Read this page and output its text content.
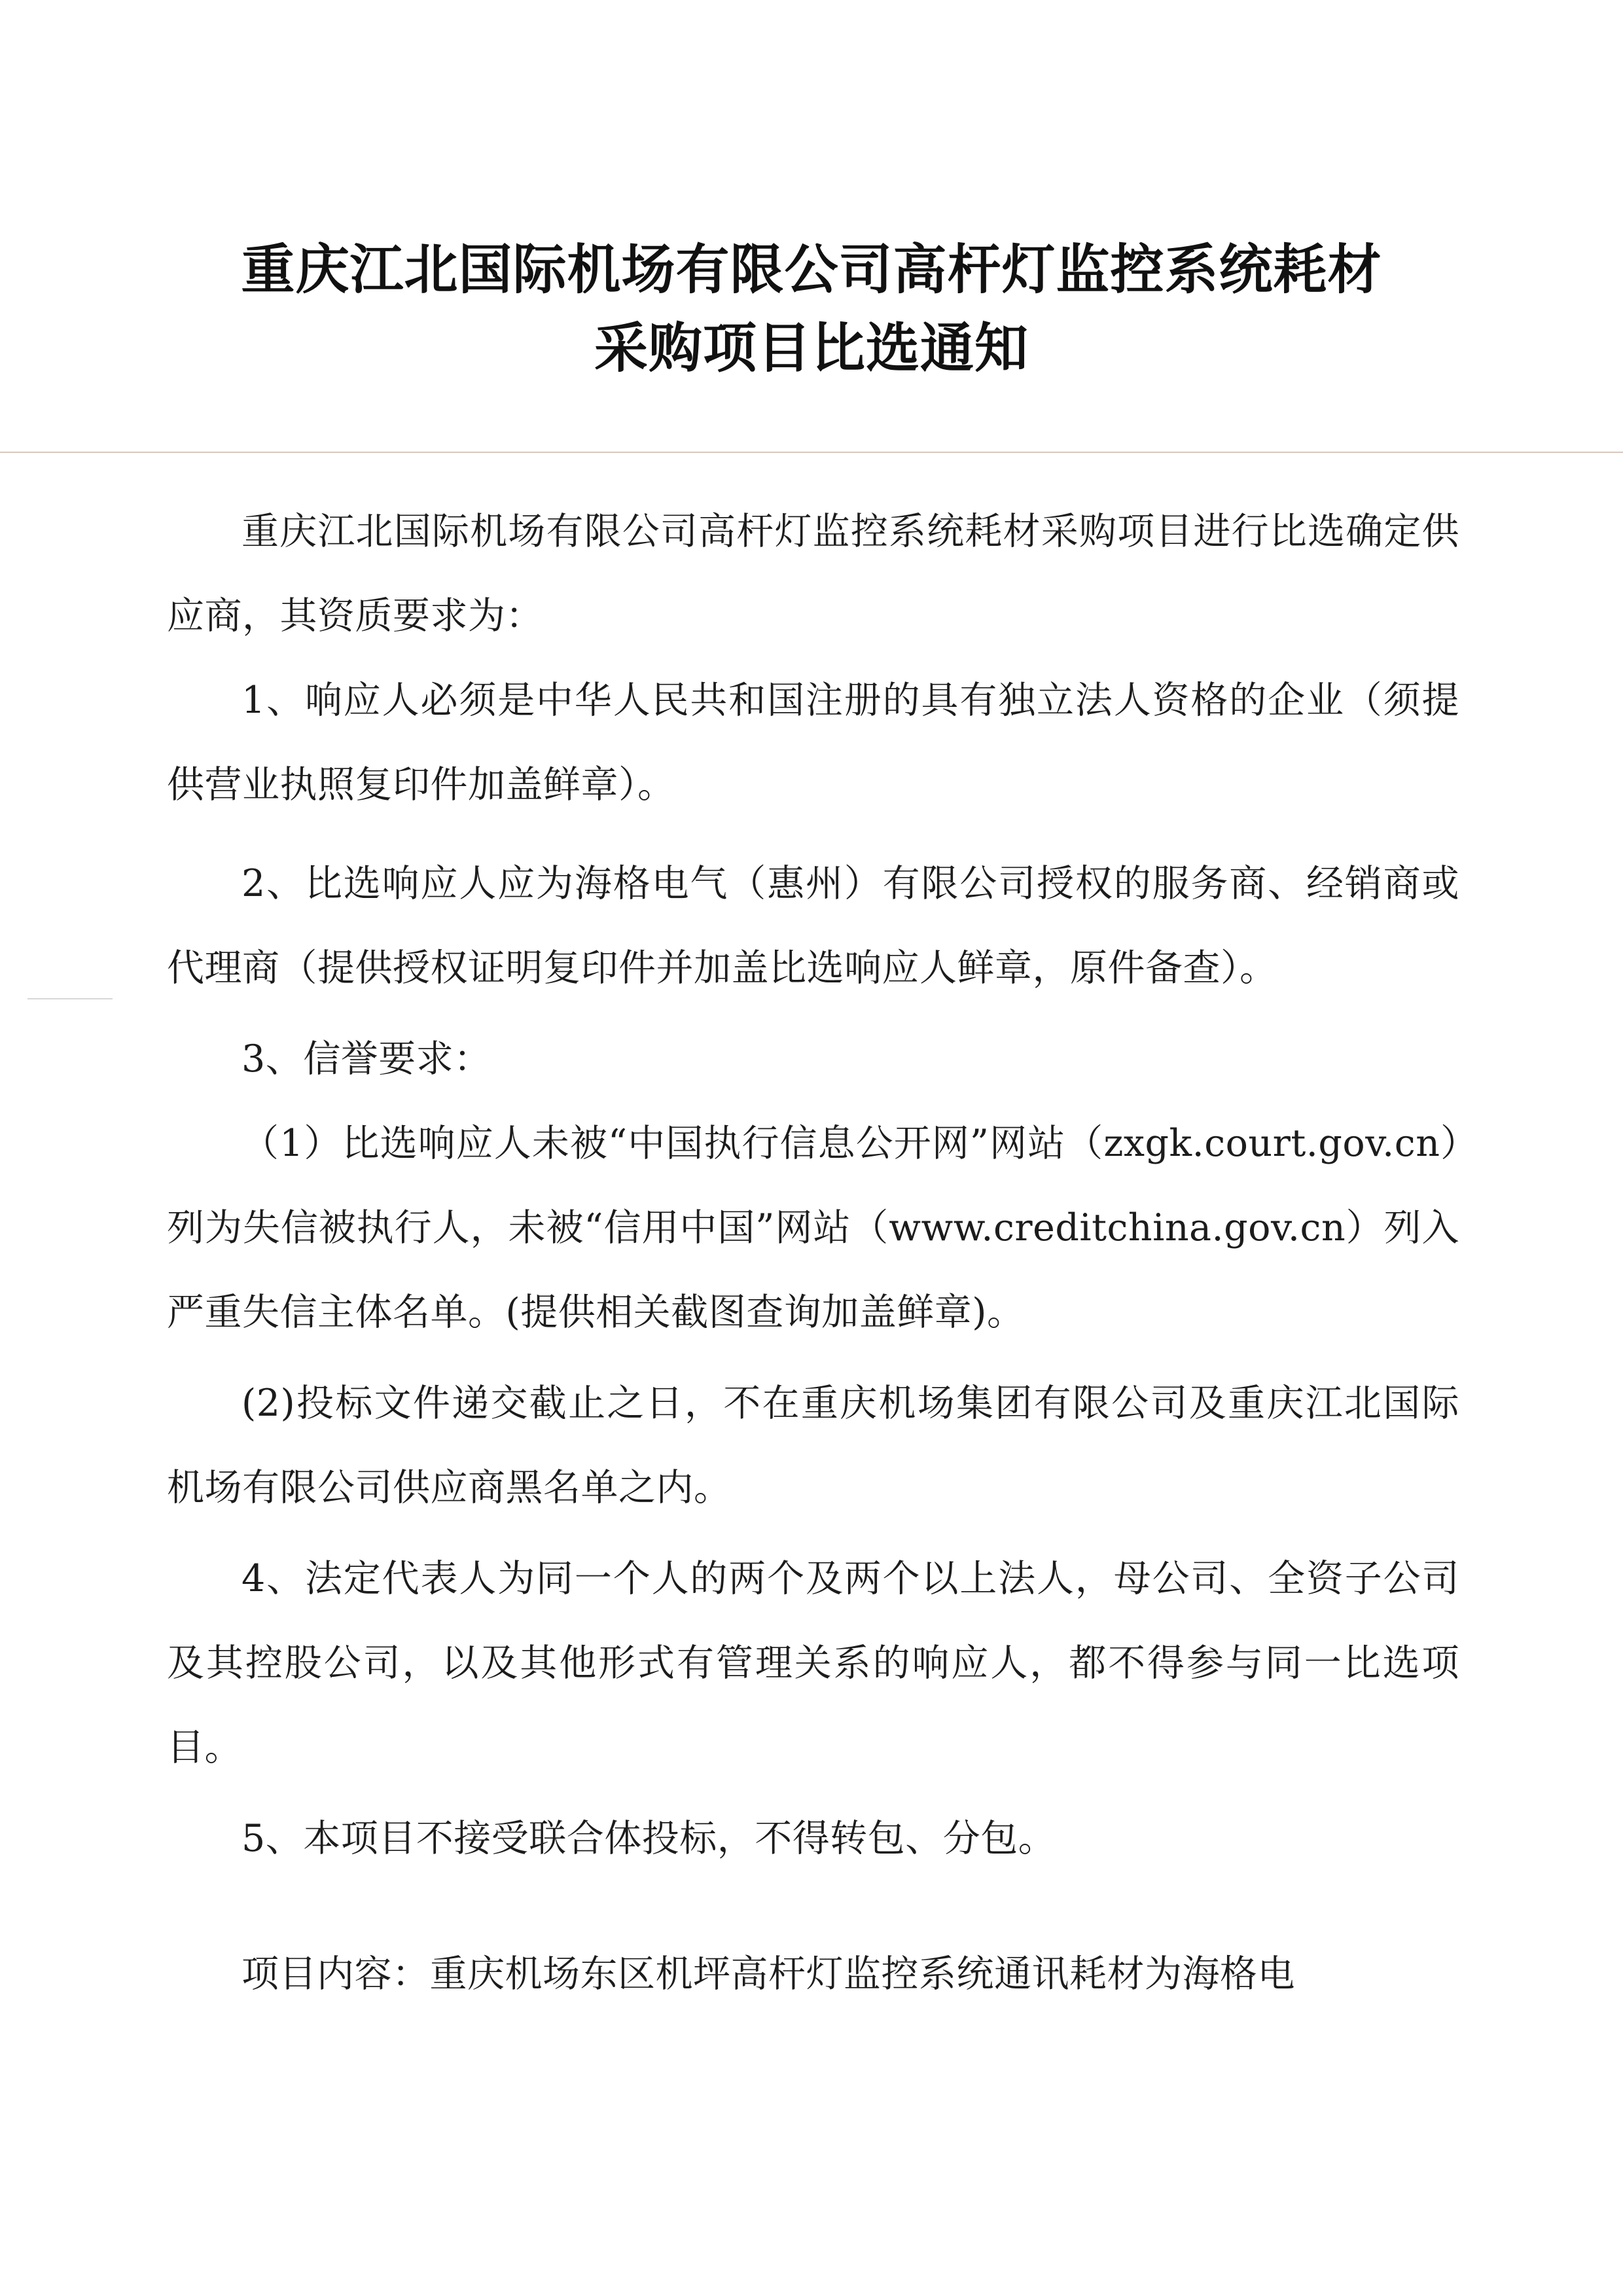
重庆江北国际机场有限公司高杆灯监控系统耗材
采购项目比选通知

重庆江北国际机场有限公司高杆灯监控系统耗材采购项目进行比选确定供应商，其资质要求为：

1、响应人必须是中华人民共和国注册的具有独立法人资格的企业（须提供营业执照复印件加盖鲜章）。

2、比选响应人应为海格电气（惠州）有限公司授权的服务商、经销商或代理商（提供授权证明复印件并加盖比选响应人鲜章，原件备查）。

3、信誉要求：

（1）比选响应人未被“中国执行信息公开网”网站（zxgk.court.gov.cn）列为失信被执行人，未被“信用中国”网站（www.creditchina.gov.cn）列入严重失信主体名单。(提供相关截图查询加盖鲜章)。

(2)投标文件递交截止之日，不在重庆机场集团有限公司及重庆江北国际机场有限公司供应商黑名单之内。

4、法定代表人为同一个人的两个及两个以上法人，母公司、全资子公司及其控股公司，以及其他形式有管理关系的响应人，都不得参与同一比选项目。

5、本项目不接受联合体投标，不得转包、分包。

项目内容：重庆机场东区机坪高杆灯监控系统通讯耗材为海格电
